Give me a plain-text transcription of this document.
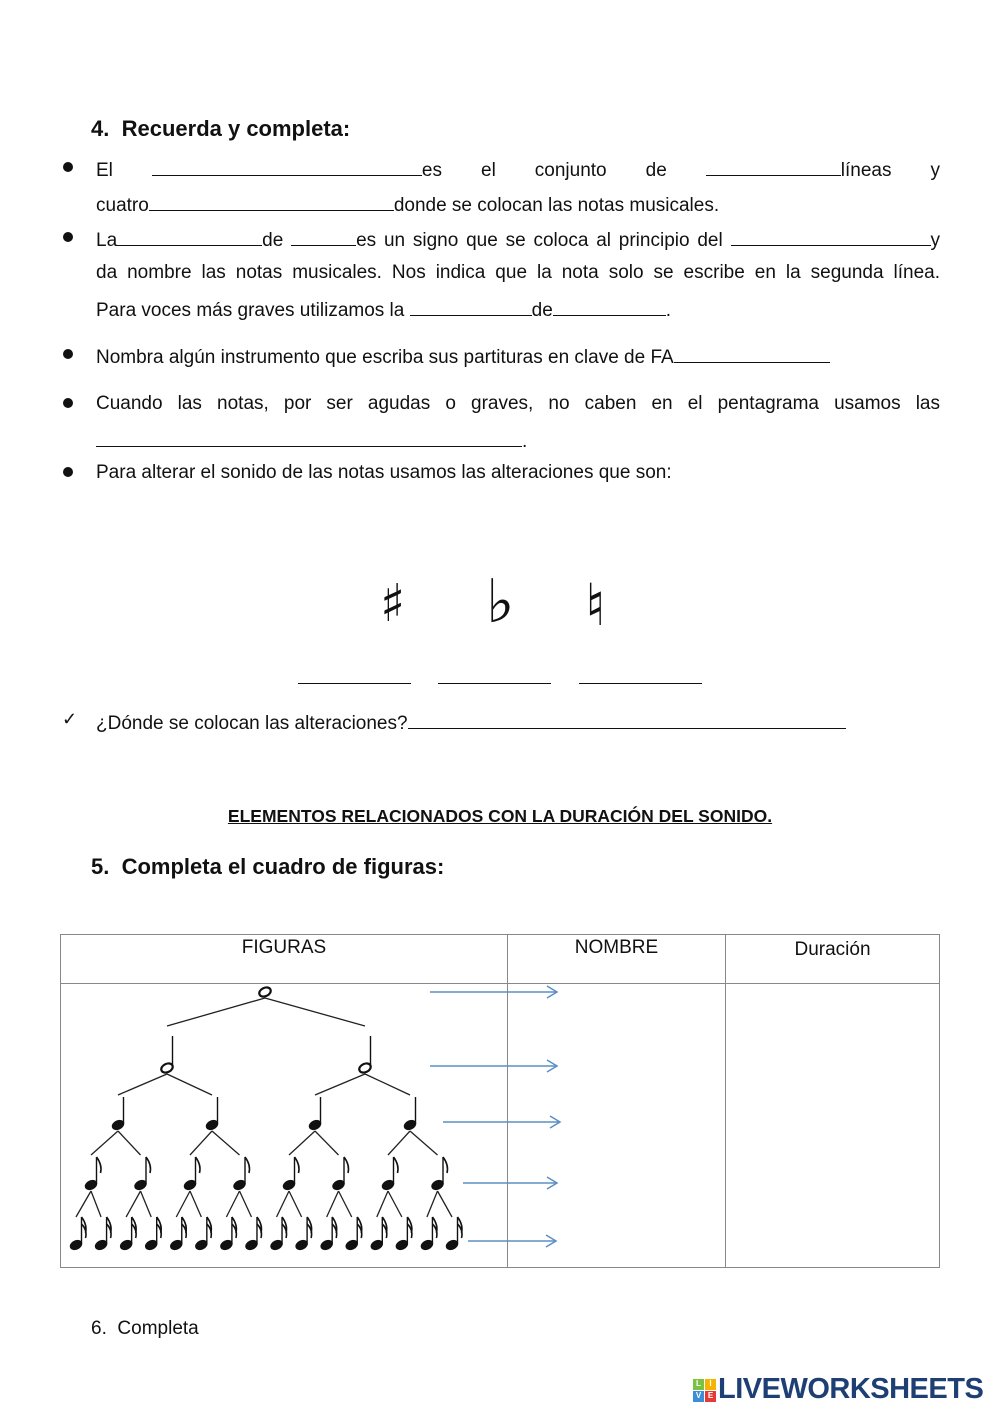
4. Recuerda y completa:
El	es el conjunto de	líneas y
cuatro	donde se colocan las notas musicales.
La	de	es un signo que se coloca al principio del	y
da nombre las notas musicales. Nos indica que la nota solo se escribe en la segunda línea.
Para voces más graves utilizamos la	de	.
Nombra algún instrumento que escriba sus partituras en clave de FA
Cuando las notas, por ser agudas o graves, no caben en el pentagrama usamos las
.
Para alterar el sonido de las notas usamos las alteraciones que son:
♯ ♭ ♮
✓ ¿Dónde se colocan las alteraciones?
ELEMENTOS RELACIONADOS CON LA DURACIÓN DEL SONIDO.
5. Completa el cuadro de figuras:
FIGURAS	NOMBRE	Duración

6. Completa
L	I
V E LIVEWORKSHEETS
